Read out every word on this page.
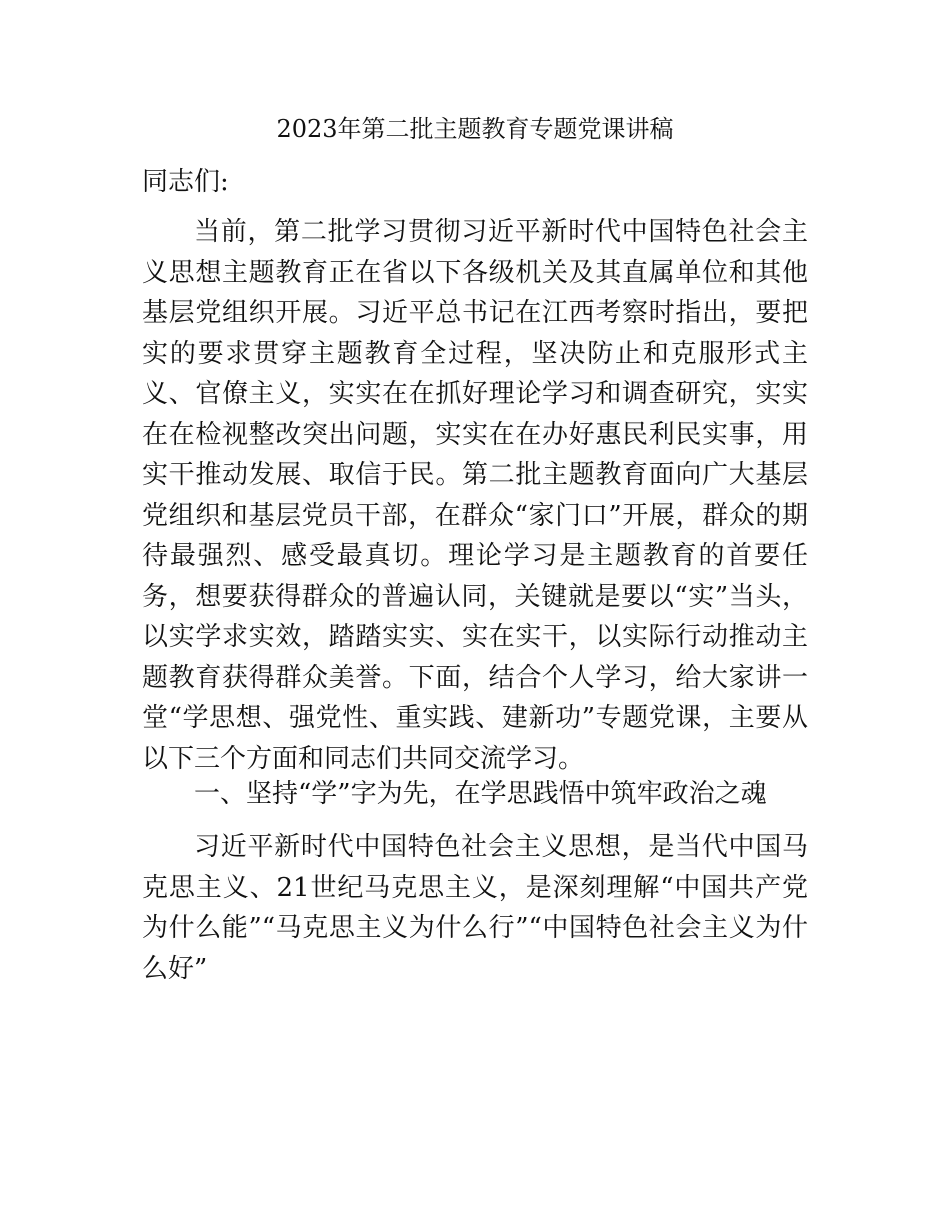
2023年第二批主题教育专题党课讲稿
同志们:
当前，第二批学习贯彻习近平新时代中国特色社会主义思想主题教育正在省以下各级机关及其直属单位和其他基层党组织开展。习近平总书记在江西考察时指出，要把实的要求贯穿主题教育全过程，坚决防止和克服形式主义、官僚主义，实实在在抓好理论学习和调查研究，实实在在检视整改突出问题，实实在在办好惠民利民实事，用实干推动发展、取信于民。第二批主题教育面向广大基层党组织和基层党员干部，在群众“家门口”开展，群众的期待最强烈、感受最真切。理论学习是主题教育的首要任务，想要获得群众的普遍认同，关键就是要以“实”当头，以实学求实效，踏踏实实、实在实干，以实际行动推动主题教育获得群众美誉。下面，结合个人学习，给大家讲一堂“学思想、强党性、重实践、建新功”专题党课，主要从以下三个方面和同志们共同交流学习。
一、坚持“学”字为先，在学思践悟中筑牢政治之魂
习近平新时代中国特色社会主义思想，是当代中国马克思主义、21世纪马克思主义，是深刻理解“中国共产党为什么能”“马克思主义为什么行”“中国特色社会主义为什么好”
